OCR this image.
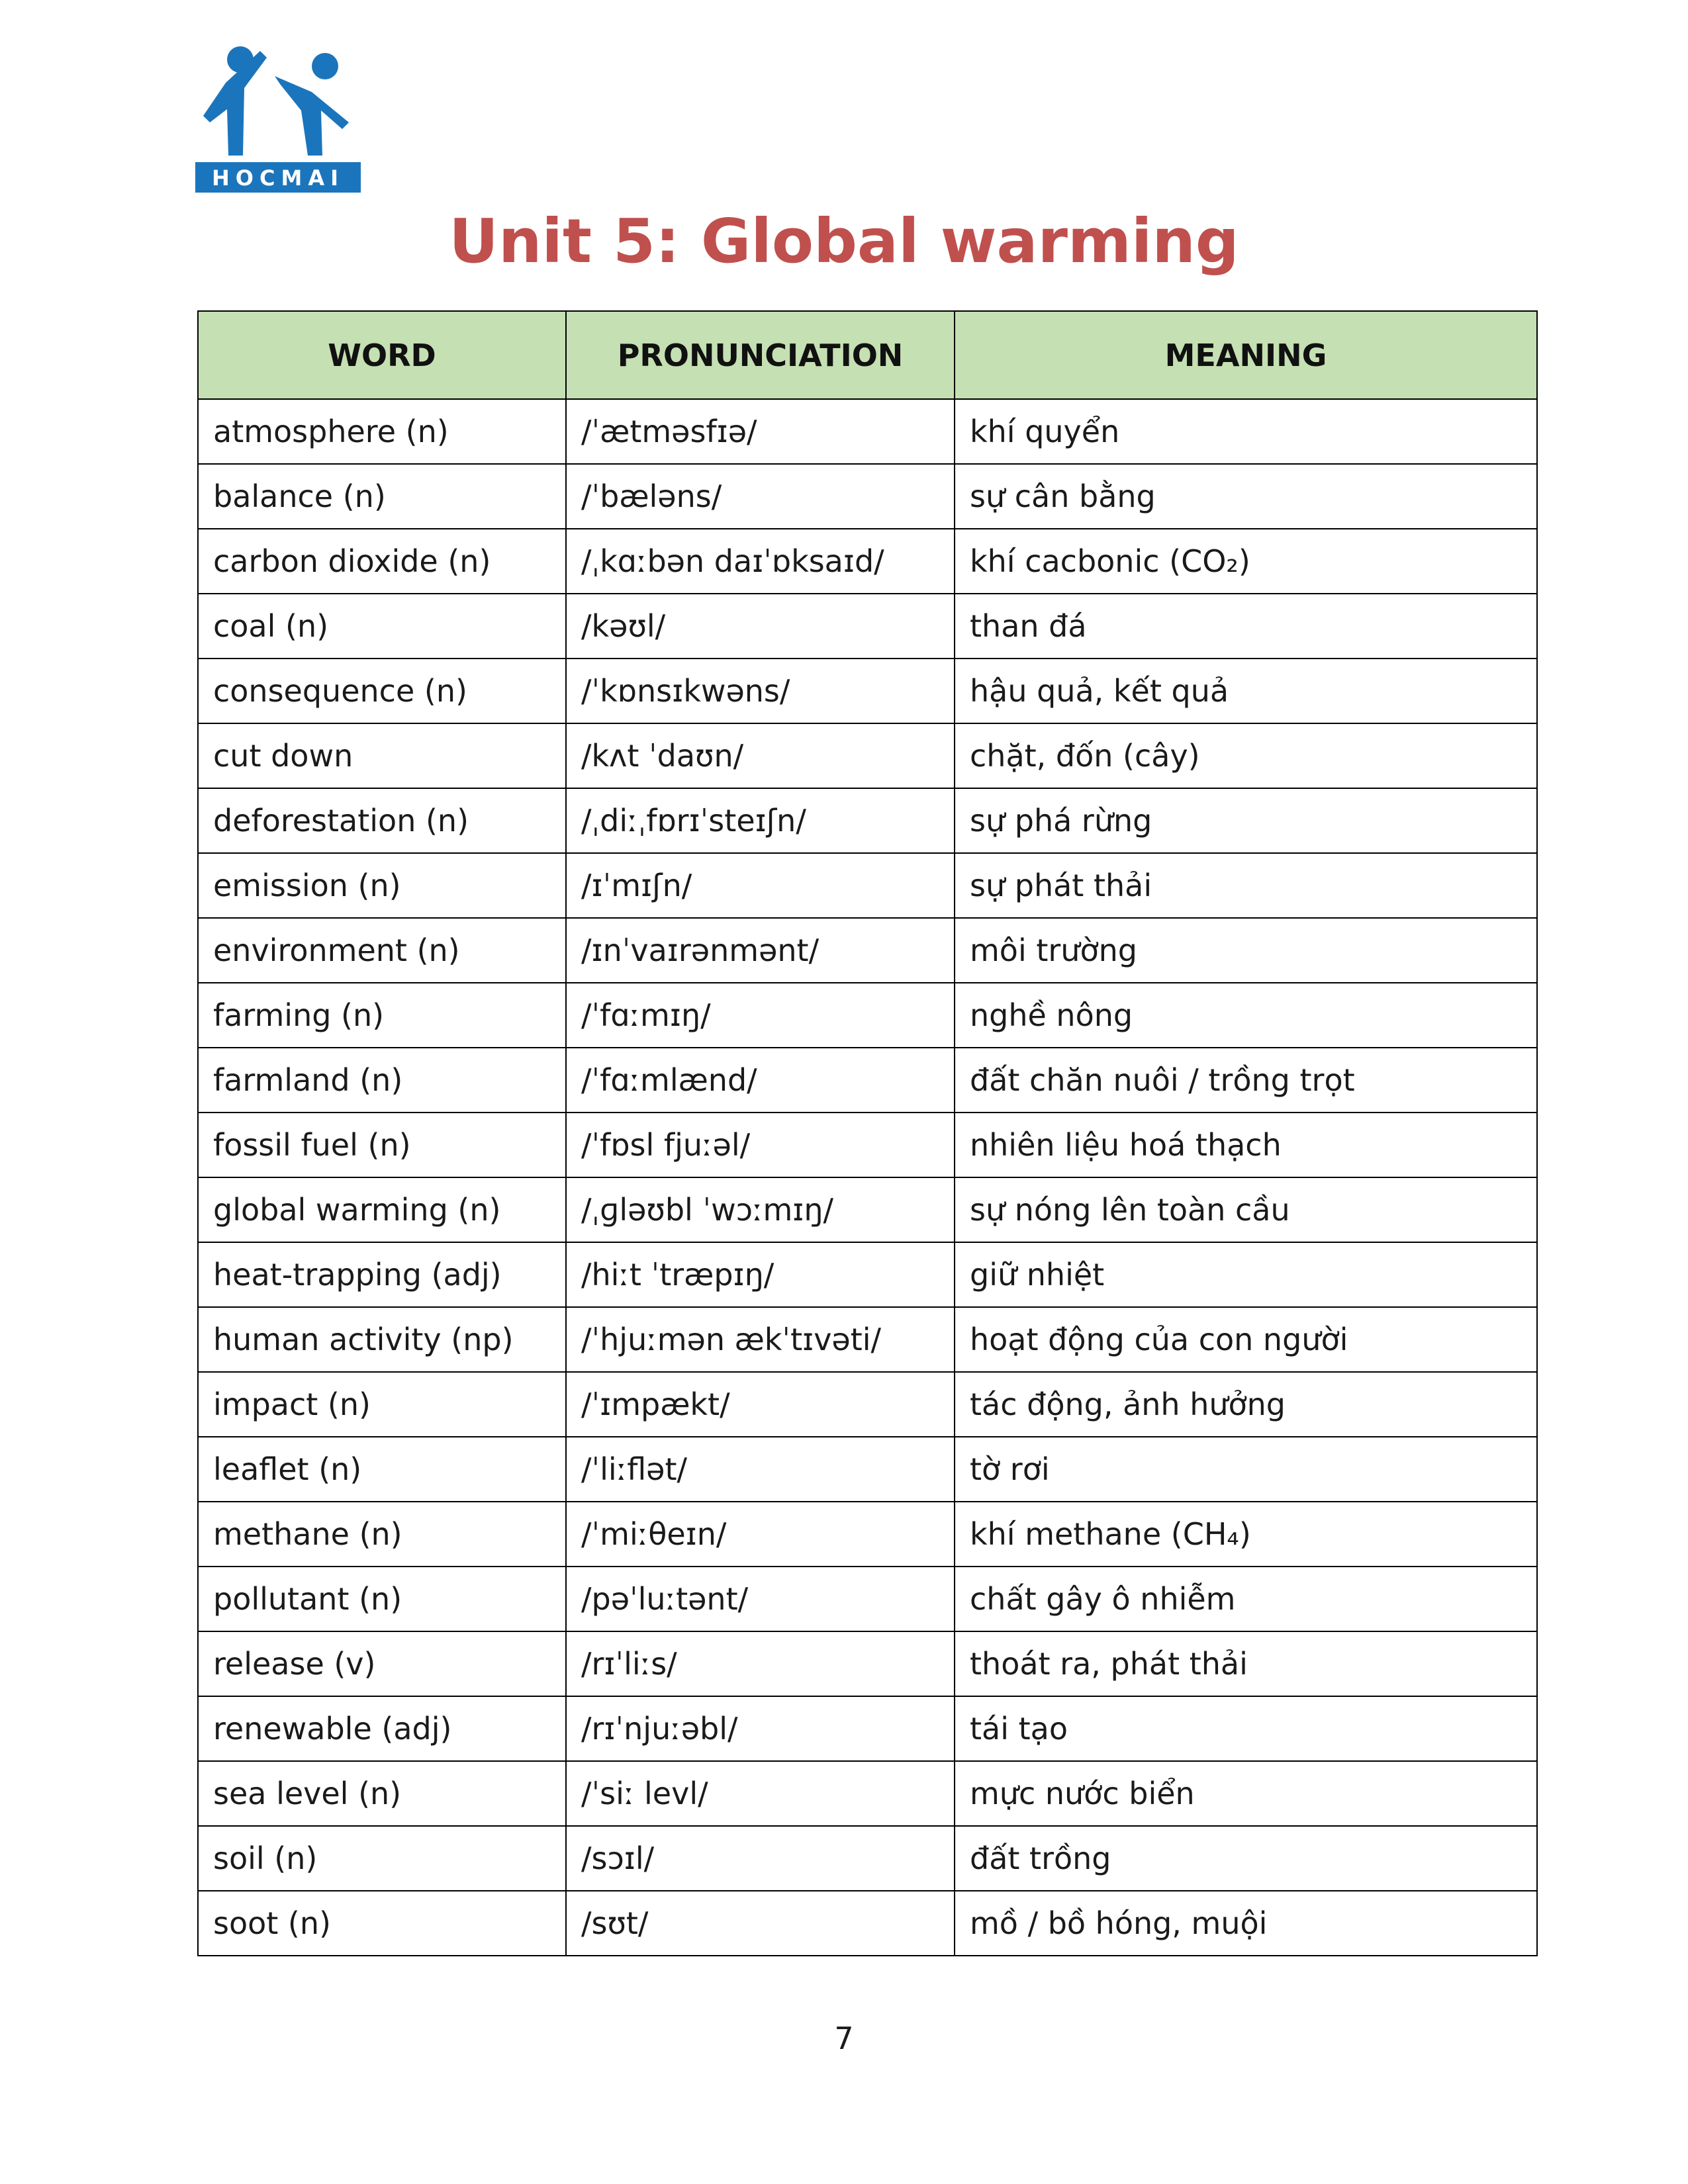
HOCMAI
Unit 5: Global warming
WORD	PRONUNCIATION	MEANING
atmosphere (n)	/ˈætməsfɪə/	khí quyển
balance (n)	/ˈbæləns/	sự cân bằng
carbon dioxide (n)	/ˌkɑːbən daɪˈɒksaɪd/	khí cacbonic (CO₂)
coal (n)	/kəʊl/	than đá
consequence (n)	/ˈkɒnsɪkwəns/	hậu quả, kết quả
cut down	/kʌt ˈdaʊn/	chặt, đốn (cây)
deforestation (n)	/ˌdiːˌfɒrɪˈsteɪʃn/	sự phá rừng
emission (n)	/ɪˈmɪʃn/	sự phát thải
environment (n)	/ɪnˈvaɪrənmənt/	môi trường
farming (n)	/ˈfɑːmɪŋ/	nghề nông
farmland (n)	/ˈfɑːmlænd/	đất chăn nuôi / trồng trọt
fossil fuel (n)	/ˈfɒsl fjuːəl/	nhiên liệu hoá thạch
global warming (n)	/ˌɡləʊbl ˈwɔːmɪŋ/	sự nóng lên toàn cầu
heat-trapping (adj)	/hiːt ˈtræpɪŋ/	giữ nhiệt
human activity (np)	/ˈhjuːmən ækˈtɪvəti/	hoạt động của con người
impact (n)	/ˈɪmpækt/	tác động, ảnh hưởng
leaflet (n)	/ˈliːflət/	tờ rơi
methane (n)	/ˈmiːθeɪn/	khí methane (CH₄)
pollutant (n)	/pəˈluːtənt/	chất gây ô nhiễm
release (v)	/rɪˈliːs/	thoát ra, phát thải
renewable (adj)	/rɪˈnjuːəbl/	tái tạo
sea level (n)	/ˈsiː levl/	mực nước biển
soil (n)	/sɔɪl/	đất trồng
soot (n)	/sʊt/	mồ / bồ hóng, muội
7
